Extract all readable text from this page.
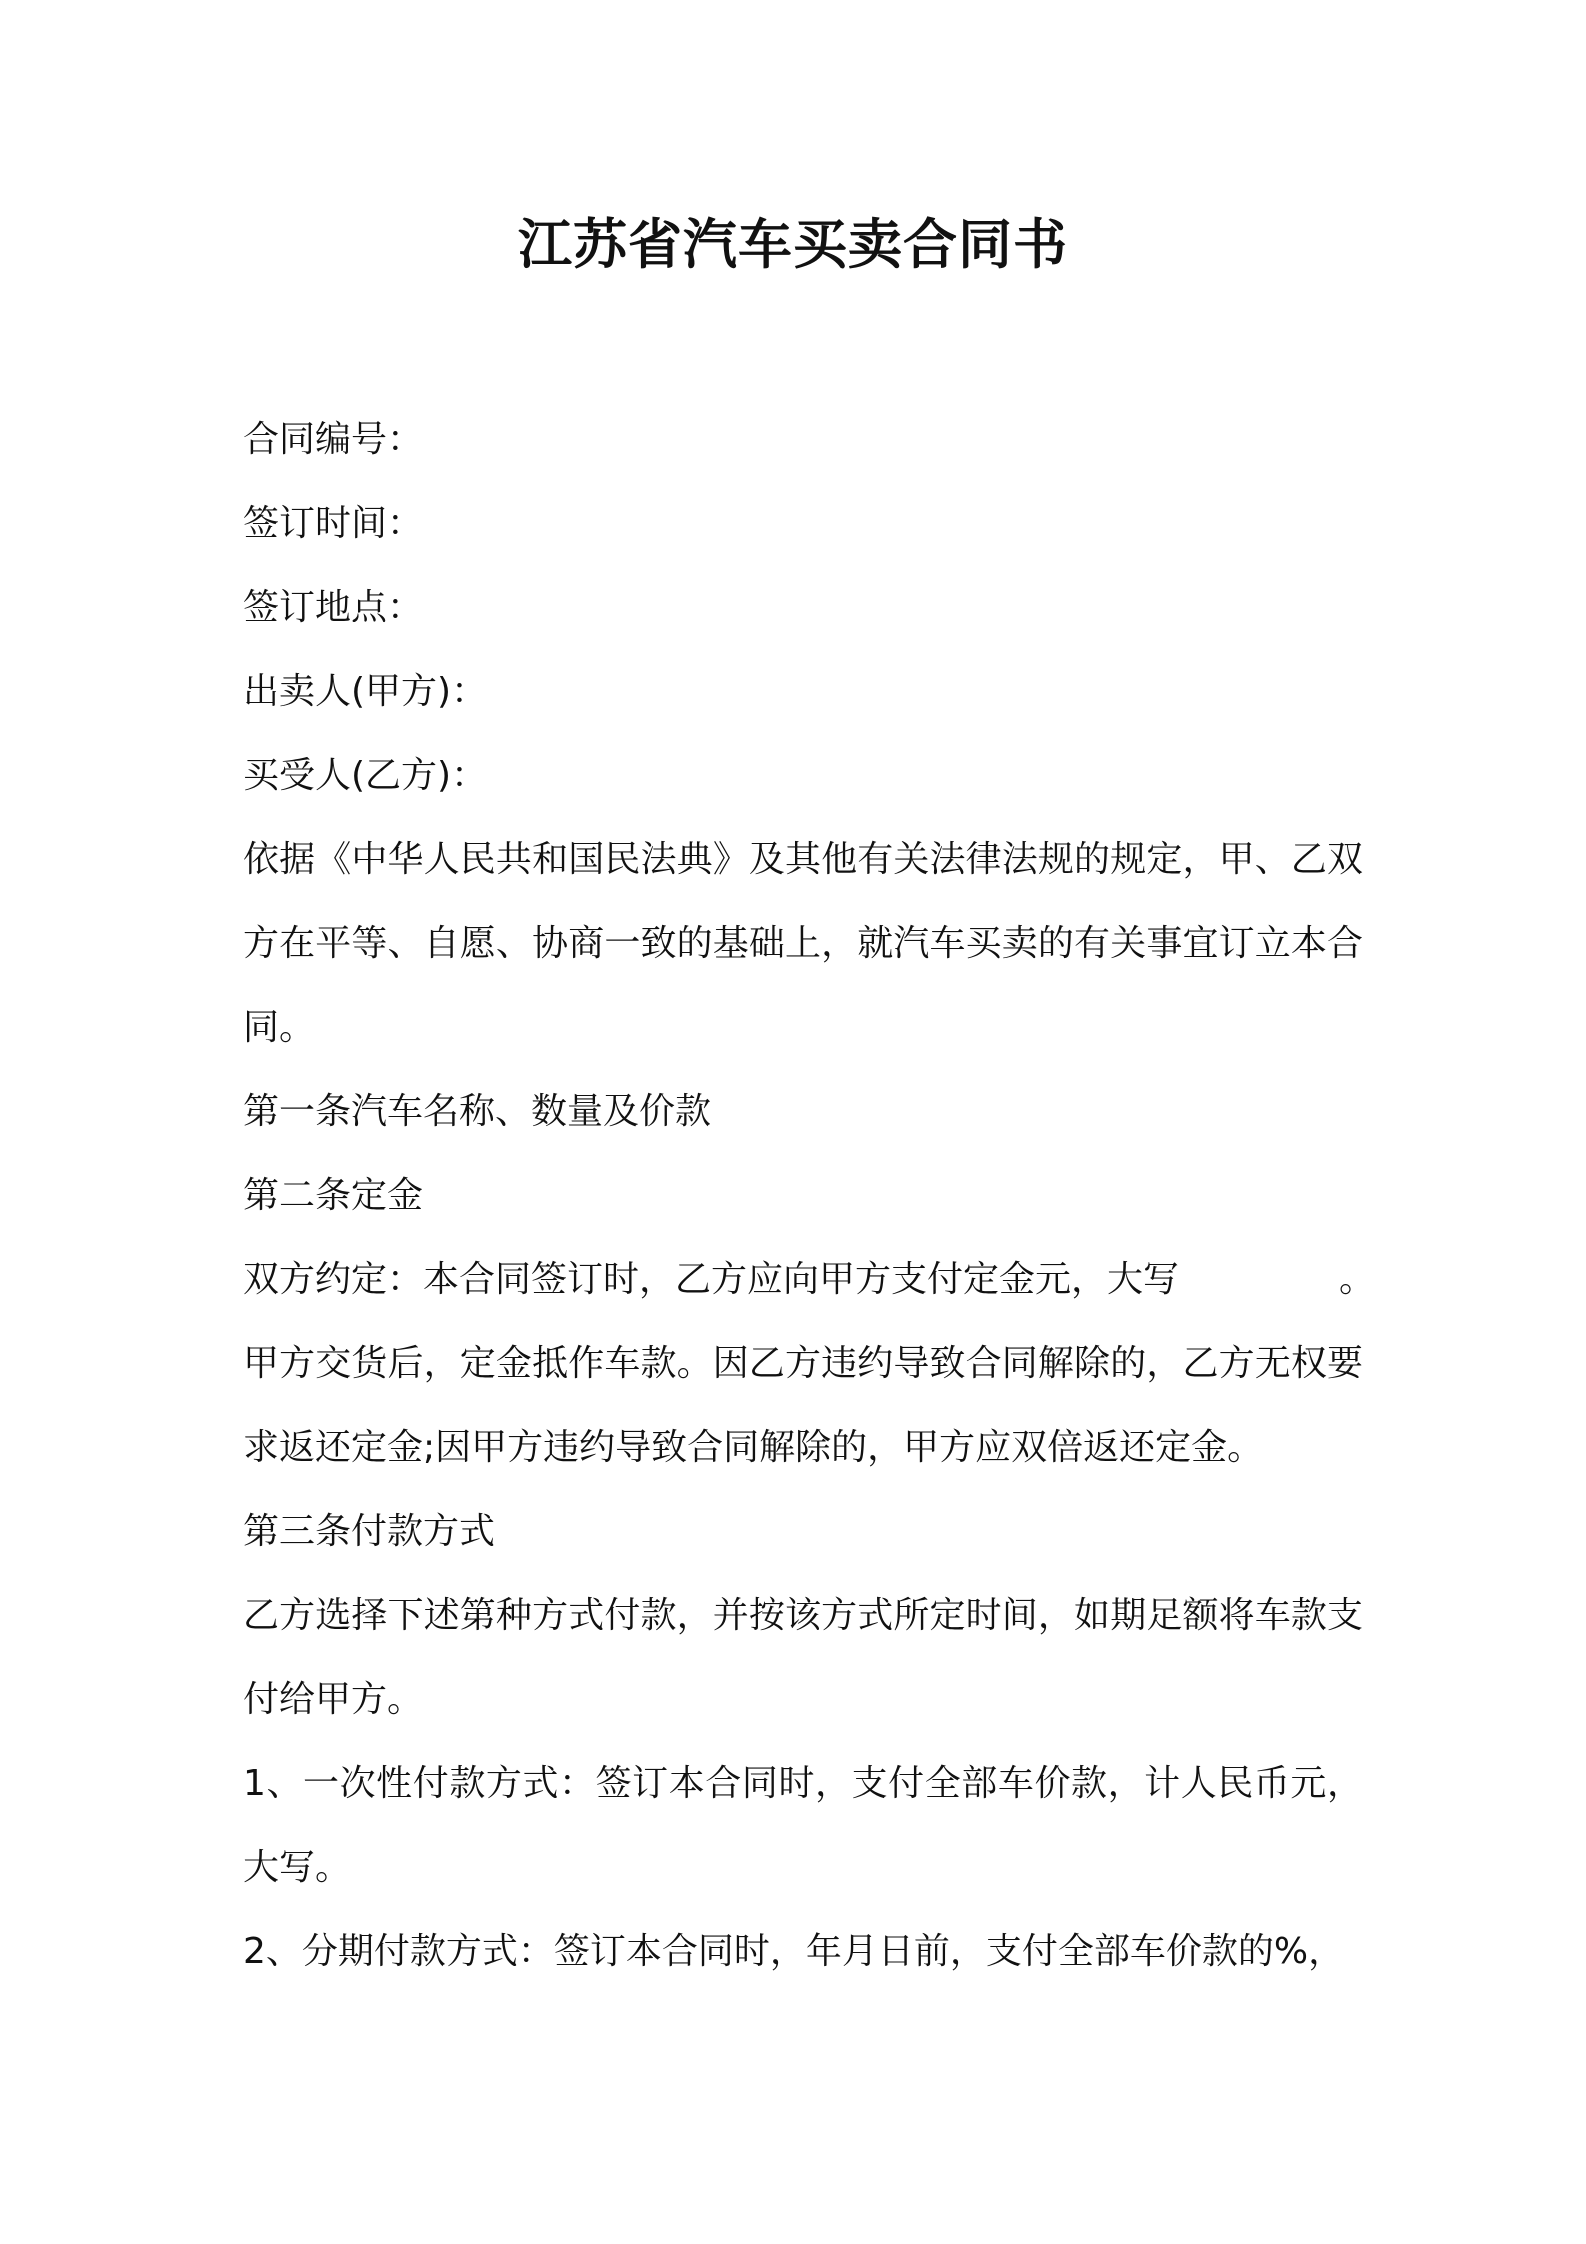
江苏省汽车买卖合同书

合同编号：

签订时间：

签订地点：

出卖人(甲方)：

买受人(乙方)：

依据《中华人民共和国民法典》及其他有关法律法规的规定，甲、乙双方在平等、自愿、协商一致的基础上，就汽车买卖的有关事宜订立本合同。

第一条汽车名称、数量及价款

第二条定金

双方约定：本合同签订时，乙方应向甲方支付定金元，大写	。

甲方交货后，定金抵作车款。因乙方违约导致合同解除的，乙方无权要求返还定金;因甲方违约导致合同解除的，甲方应双倍返还定金。

第三条付款方式

乙方选择下述第种方式付款，并按该方式所定时间，如期足额将车款支付给甲方。

1、一次性付款方式：签订本合同时，支付全部车价款，计人民币元，大写。

2、分期付款方式：签订本合同时，年月日前，支付全部车价款的%，
